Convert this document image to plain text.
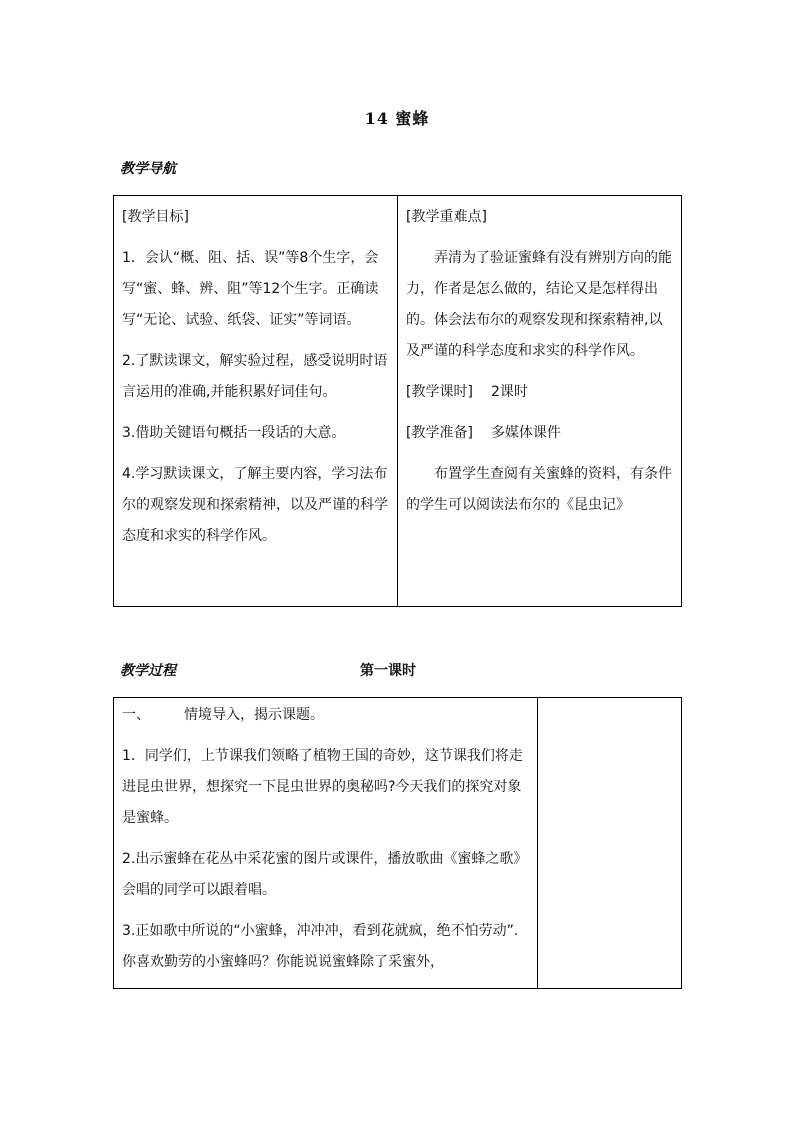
14 蜜蜂
教学导航

[教学目标]

1．会认“概、阻、括、误”等8个生字，会写“蜜、蜂、辨、阻”等12个生字。正确读写“无论、试验、纸袋、证实”等词语。

2.了默读课文，解实验过程，感受说明时语言运用的准确,并能积累好词佳句。

3.借助关键语句概括一段话的大意。

4.学习默读课文，了解主要内容，学习法布尔的观察发现和探索精神，以及严谨的科学态度和求实的科学作风。

[教学重难点]

弄清为了验证蜜蜂有没有辨别方向的能力，作者是怎么做的，结论又是怎样得出的。体会法布尔的观察发现和探索精神,以及严谨的科学态度和求实的科学作风。

[教学课时] 2课时

[教学准备] 多媒体课件

布置学生查阅有关蜜蜂的资料，有条件的学生可以阅读法布尔的《昆虫记》

教学过程	第一课时

一、 情境导入，揭示课题。

1．同学们，上节课我们领略了植物王国的奇妙，这节课我们将走进昆虫世界，想探究一下昆虫世界的奥秘吗?今天我们的探究对象是蜜蜂。

2.出示蜜蜂在花丛中采花蜜的图片或课件，播放歌曲《蜜蜂之歌》会唱的同学可以跟着唱。

3.正如歌中所说的“小蜜蜂，冲冲冲，看到花就疯，绝不怕劳动”.你喜欢勤劳的小蜜蜂吗？你能说说蜜蜂除了采蜜外，
